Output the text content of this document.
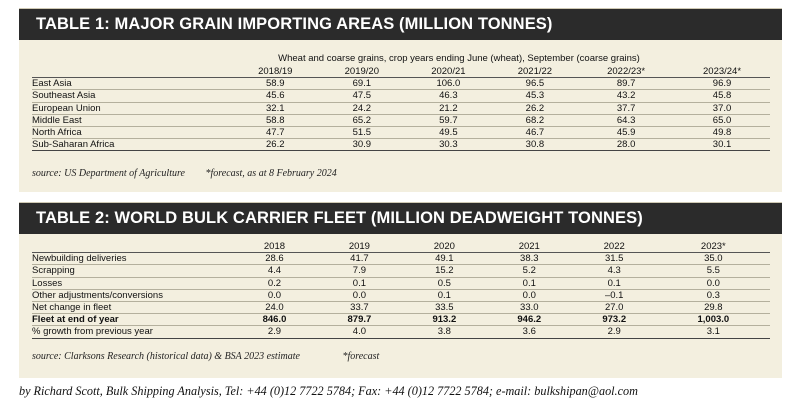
TABLE 1: MAJOR GRAIN IMPORTING AREAS (MILLION TONNES)
Wheat and coarse grains, crop years ending June (wheat), September (coarse grains)
	2018/19	2019/20	2020/21	2021/22	2022/23*	2023/24*
East Asia	58.9	69.1	106.0	96.5	89.7	96.9
Southeast Asia	45.6	47.5	46.3	45.3	43.2	45.8
European Union	32.1	24.2	21.2	26.2	37.7	37.0
Middle East	58.8	65.2	59.7	68.2	64.3	65.0
North Africa	47.7	51.5	49.5	46.7	45.9	49.8
Sub-Saharan Africa	26.2	30.9	30.3	30.8	28.0	30.1
source: US Department of Agriculture *forecast, as at 8 February 2024
TABLE 2: WORLD BULK CARRIER FLEET (MILLION DEADWEIGHT TONNES)
	2018	2019	2020	2021	2022	2023*
Newbuilding deliveries	28.6	41.7	49.1	38.3	31.5	35.0
Scrapping	4.4	7.9	15.2	5.2	4.3	5.5
Losses	0.2	0.1	0.5	0.1	0.1	0.0
Other adjustments/conversions	0.0	0.0	0.1	0.0	–0.1	0.3
Net change in fleet	24.0	33.7	33.5	33.0	27.0	29.8
Fleet at end of year	846.0	879.7	913.2	946.2	973.2	1,003.0
% growth from previous year	2.9	4.0	3.8	3.6	2.9	3.1
source: Clarksons Research (historical data) & BSA 2023 estimate	*forecast
by Richard Scott, Bulk Shipping Analysis, Tel: +44 (0)12 7722 5784; Fax: +44 (0)12 7722 5784; e-mail: bulkshipan@aol.com
